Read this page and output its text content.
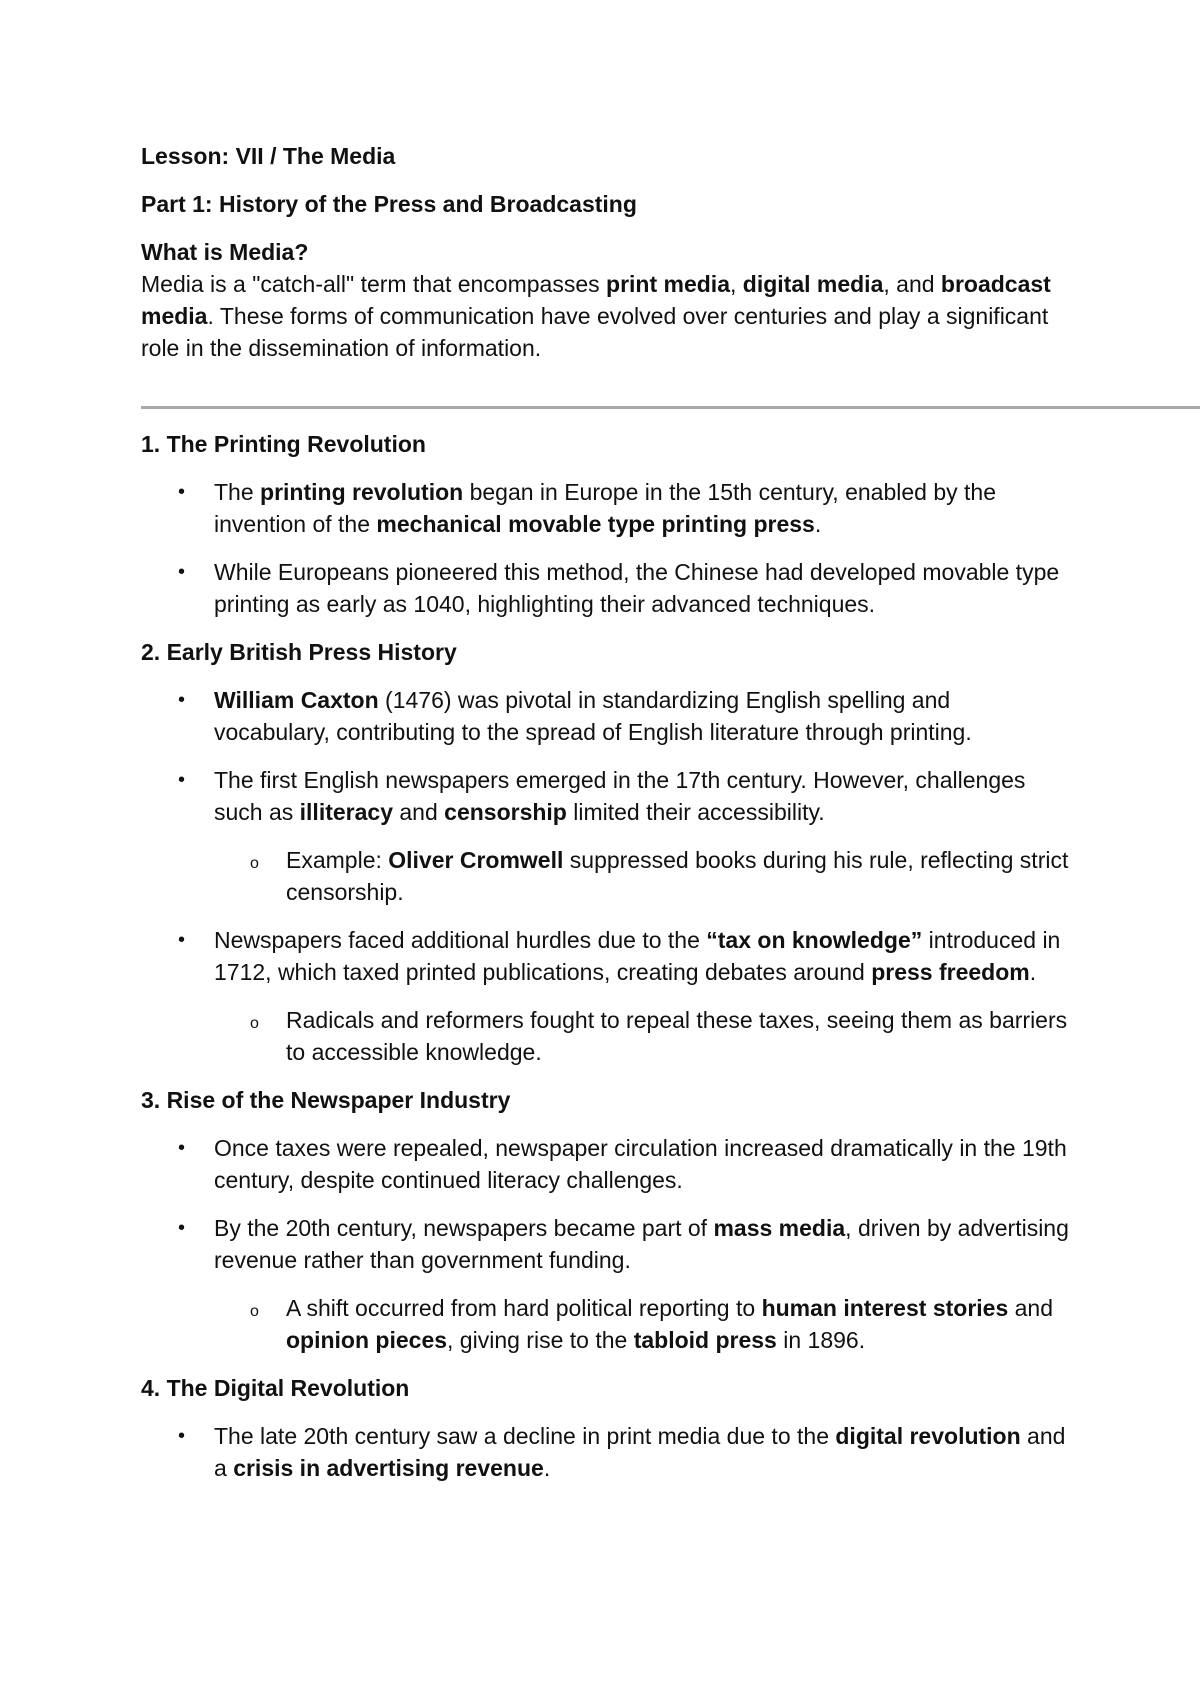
Lesson: VII / The Media

Part 1: History of the Press and Broadcasting

What is Media?

Media is a "catch-all" term that encompasses print media, digital media, and broadcast media. These forms of communication have evolved over centuries and play a significant role in the dissemination of information.

1. The Printing Revolution

• The printing revolution began in Europe in the 15th century, enabled by the invention of the mechanical movable type printing press.
• While Europeans pioneered this method, the Chinese had developed movable type printing as early as 1040, highlighting their advanced techniques.

2. Early British Press History

• William Caxton (1476) was pivotal in standardizing English spelling and vocabulary, contributing to the spread of English literature through printing.
• The first English newspapers emerged in the 17th century. However, challenges such as illiteracy and censorship limited their accessibility.
o Example: Oliver Cromwell suppressed books during his rule, reflecting strict censorship.
• Newspapers faced additional hurdles due to the “tax on knowledge” introduced in 1712, which taxed printed publications, creating debates around press freedom.
o Radicals and reformers fought to repeal these taxes, seeing them as barriers to accessible knowledge.

3. Rise of the Newspaper Industry

• Once taxes were repealed, newspaper circulation increased dramatically in the 19th century, despite continued literacy challenges.
• By the 20th century, newspapers became part of mass media, driven by advertising revenue rather than government funding.
o A shift occurred from hard political reporting to human interest stories and opinion pieces, giving rise to the tabloid press in 1896.

4. The Digital Revolution

• The late 20th century saw a decline in print media due to the digital revolution and a crisis in advertising revenue.
